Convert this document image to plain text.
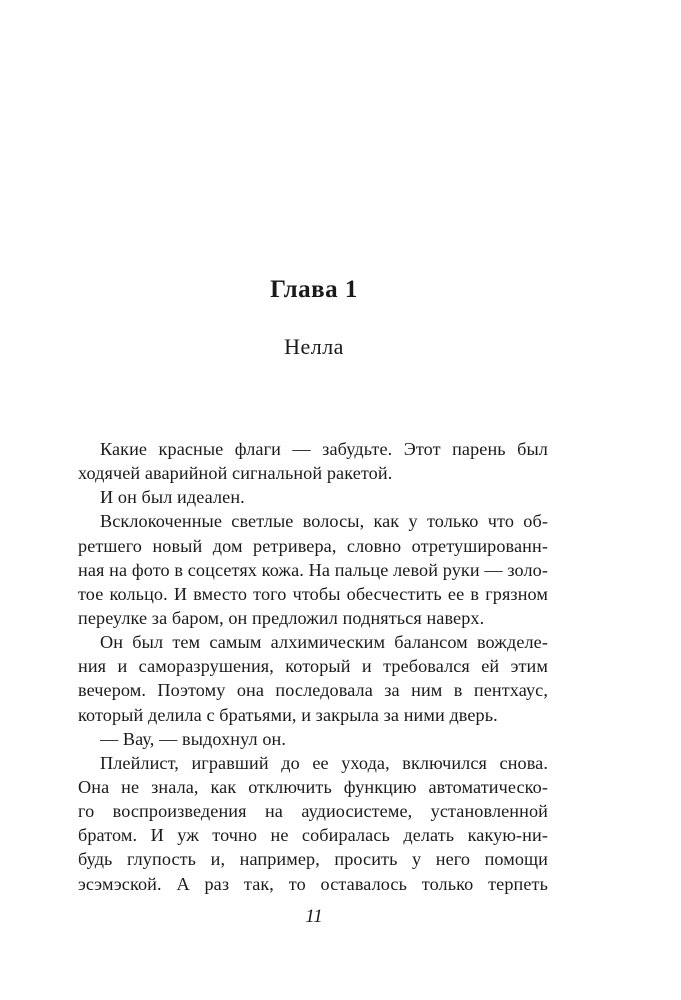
Глава 1
Нелла
Какие красные флаги — забудьте. Этот парень был
ходячей аварийной сигнальной ракетой.
И он был идеален.
Всклокоченные светлые волосы, как у только что об-
ретшего новый дом ретривера, словно отретушированн-
ная на фото в соцсетях кожа. На пальце левой руки — золо-
тое кольцо. И вместо того чтобы обесчестить ее в грязном
переулке за баром, он предложил подняться наверх.
Он был тем самым алхимическим балансом вожделе-
ния и саморазрушения, который и требовался ей этим
вечером. Поэтому она последовала за ним в пентхаус,
который делила с братьями, и закрыла за ними дверь.
— Вау, — выдохнул он.
Плейлист, игравший до ее ухода, включился снова.
Она не знала, как отключить функцию автоматическо-
го воспроизведения на аудиосистеме, установленной
братом. И уж точно не собиралась делать какую-ни-
будь глупость и, например, просить у него помощи
эсэмэской. А раз так, то оставалось только терпеть
11
